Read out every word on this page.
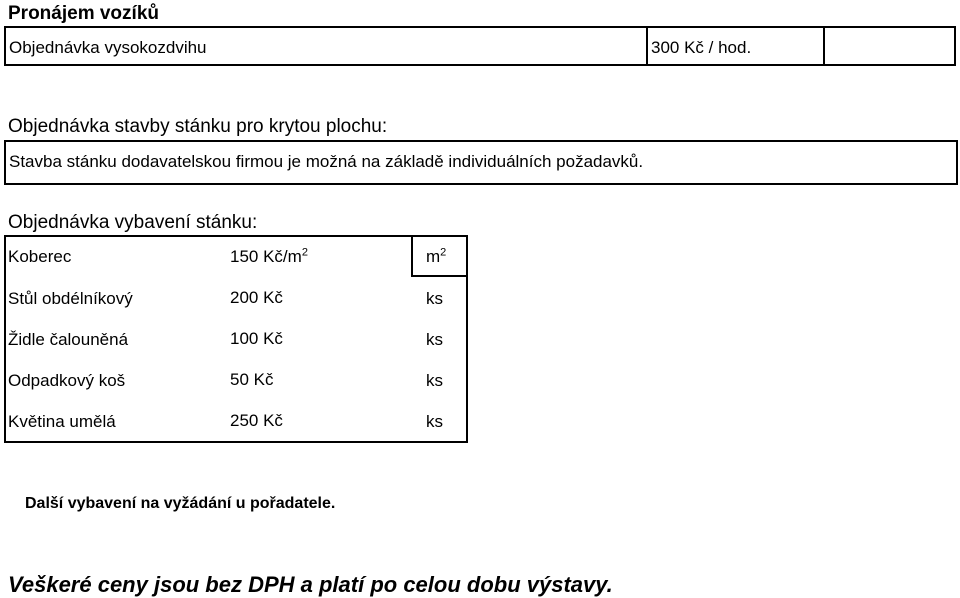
Pronájem vozíků
Objednávka vysokozdvihu	300 Kč / hod.
Objednávka stavby stánku pro krytou plochu:
Stavba stánku dodavatelskou firmou je možná na základě individuálních požadavků.
Objednávka vybavení stánku:
Koberec	150 $Kč/m^2$	$m^2$
Stůl obdélníkový	200 Kč	ks
Židle čalouněná	100 Kč	ks
Odpadkový koš	50 Kč	ks
Květina umělá	250 Kč	ks
Další vybavení na vyžádání u pořadatele.
Veškeré ceny jsou bez DPH a platí po celou dobu výstavy.
